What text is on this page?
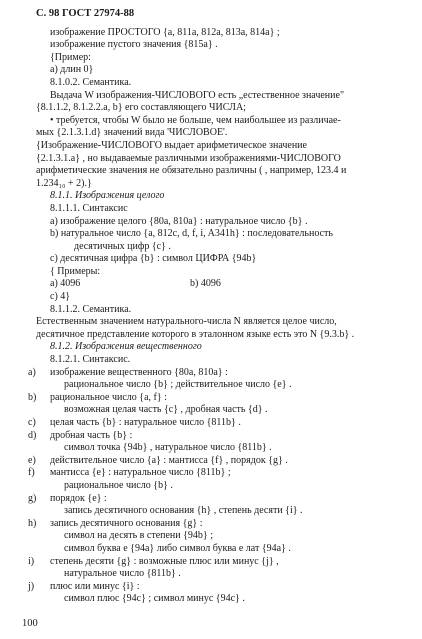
С. 98 ГОСТ 27974-88
изображение ПРОСТОГО {a, 811a, 812a, 813a, 814a} ;
изображение пустого значения {815a} .
{Пример:
а) длин 0}
8.1.0.2. Семантика.
Выдача W изображения-ЧИСЛОВОГО есть „естественное значение"
{8.1.1.2, 8.1.2.2.a, b} его составляющего ЧИСЛА;
• требуется, чтобы W было не больше, чем наибольшее из различае-
мых {2.1.3.1.d} значений вида 'ЧИСЛОВОЕ'.
{Изображение-ЧИСЛОВОГО выдает арифметическое значение
{2.1.3.1.a} , но выдаваемые различными изображениями-ЧИСЛОВОГО
арифметические значения не обязательно различны ( , например, 123.4 и
1.234₁₀ + 2).}
8.1.1. Изображения целого
8.1.1.1. Синтаксис
а) изображение целого {80a, 810a} : натуральное число {b} .
b) натуральное число {a, 812c, d, f, i, A341h} : последовательность
десятичных цифр {c} .
c) десятичная цифра {b} : символ ЦИФРА {94b}
{ Примеры:
а) 4096	b) 4096
c) 4}
8.1.1.2. Семантика.
Естественным значением натурального-числа N является целое число,
десятичное представление которого в эталонном языке есть это N {9.3.b} .
8.1.2. Изображения вещественного
8.1.2.1. Синтаксис.
a)	изображение вещественного {80a, 810a} :
рациональное число {b} ; действительное число {e} .
b)	рациональное число {a, f} :
возможная целая часть {c} , дробная часть {d} .
c)	целая часть {b} : натуральное число {811b} .
d)	дробная часть {b} :
символ точка {94b} , натуральное число {811b} .
e)	действительное число {a} : мантисса {f} , порядок {g} .
f)	мантисса {e} : натуральное число {811b} ;
рациональное число {b} .
g)	порядок {e} :
запись десятичного основания {h} , степень десяти {i} .
h)	запись десятичного основания {g} :
символ на десять в степени {94b} ;
символ буква e {94a} либо символ буква e лат {94a} .
i)	степень десяти {g} : возможные плюс или минус {j} ,
натуральное число {811b} .
j)	плюс или минус {i} :
символ плюс {94c} ; символ минус {94c} .
100
